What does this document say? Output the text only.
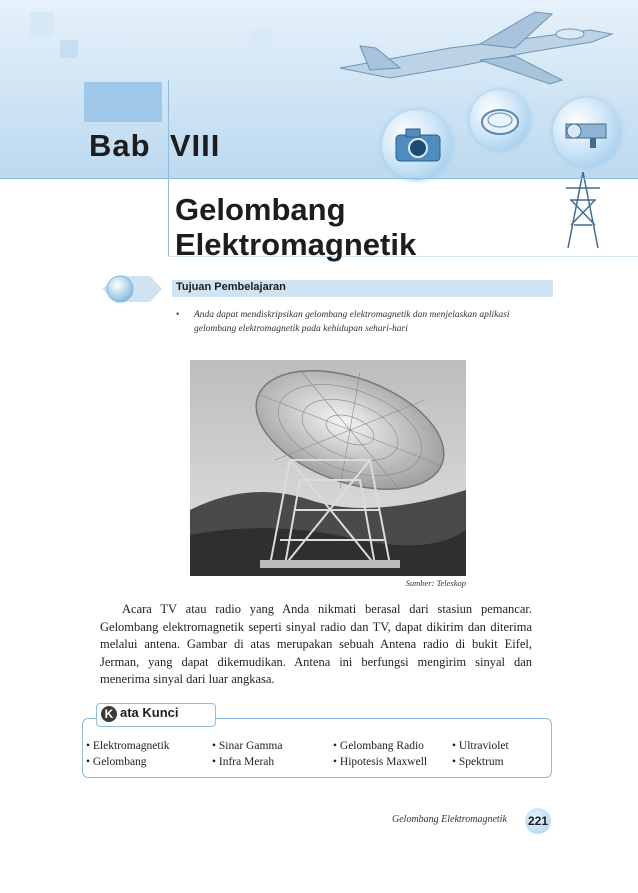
Bab VIII
Gelombang
Elektromagnetik
Tujuan Pembelajaran
•	Anda dapat mendiskripsikan gelombang elektromagnetik dan menjelaskan aplikasi
gelombang elektromagnetik pada kehidupan sehari-hari
Sumber: Teleskop
Acara TV atau radio yang Anda nikmati berasal dari stasiun pemancar. Gelombang elektromagnetik seperti sinyal radio dan TV, dapat dikirim dan diterima melalui antena. Gambar di atas merupakan sebuah Antena radio di bukit Eifel, Jerman, yang dapat dikemudikan. Antena ini berfungsi mengirim sinyal dan menerima sinyal dari luar angkasa.
K ata Kunci
• Elektromagnetik
• Gelombang
• Sinar Gamma
• Infra Merah
• Gelombang Radio
• Hipotesis Maxwell
• Ultraviolet
• Spektrum
Gelombang Elektromagnetik 221
